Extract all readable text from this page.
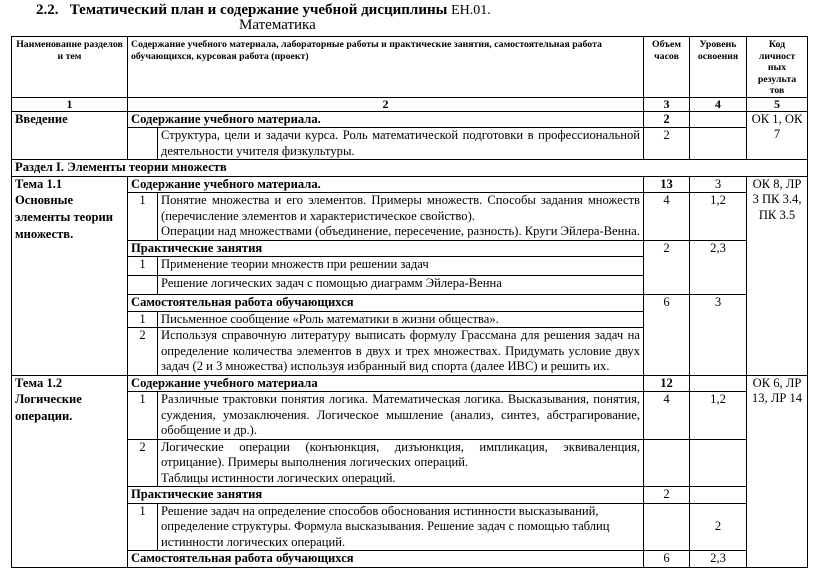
2.2. Тематический план и содержание учебной дисциплины ЕН.01.
Математика
Наименование разделов и тем	Содержание учебного материала, лабораторные работы и практические занятия, самостоятельная работа обучающихся, курсовая работа (проект)		Объем часов	Уровень освоения	Код личност ных результа тов
1	2		3	4	5
Введение	Содержание учебного материала.		2		ОК 1, ОК 7
		Структура, цели и задачи курса. Роль математической подготовки в профессиональной деятельности учителя физкультуры.	2		
Раздел I. Элементы теории множеств					

Тема 1.1
Основные элементы теории множеств.	Содержание учебного материала.		13	3	ОК 8, ЛР 3 ПК 3.4, ПК 3.5
	1	Понятие множества и его элементов. Примеры множеств. Способы задания множеств (перечисление элементов и характеристическое свойство).
Операции над множествами (объединение, пересечение, разность). Круги Эйлера-Венна.	4	1,2	
	Практические занятия		2	2,3	
	1	Применение теории множеств при решении задач			
		Решение логических задач с помощью диаграмм Эйлера-Венна			
	Самостоятельная работа обучающихся		6	3	
	1	Письменное сообщение «Роль математики в жизни общества».			
	2	Используя справочную литературу выписать формулу Грассмана для решения задач на определение количества элементов в двух и трех множествах. Придумать условие двух задач (2 и 3 множества) используя избранный вид спорта (далее ИВС) и решить их.			

Тема 1.2
Логические операции.	Содержание учебного материала		12		ОК 6, ЛР 13, ЛР 14
	1	Различные трактовки понятия логика. Математическая логика. Высказывания, понятия, суждения, умозаключения. Логическое мышление (анализ, синтез, абстрагирование, обобщение и др.).	4	1,2	
	2	Логические операции (конъюнкция, дизъюнкция, импликация, эквиваленция, отрицание). Примеры выполнения логических операций.
Таблицы истинности логических операций.			

	Практические занятия		2		
	1	Решение задач на определение способов обоснования истинности высказываний, определение структуры. Формула высказывания. Решение задач с помощью таблиц истинности логических операций.		2	
	Самостоятельная работа обучающихся		6	2,3	
